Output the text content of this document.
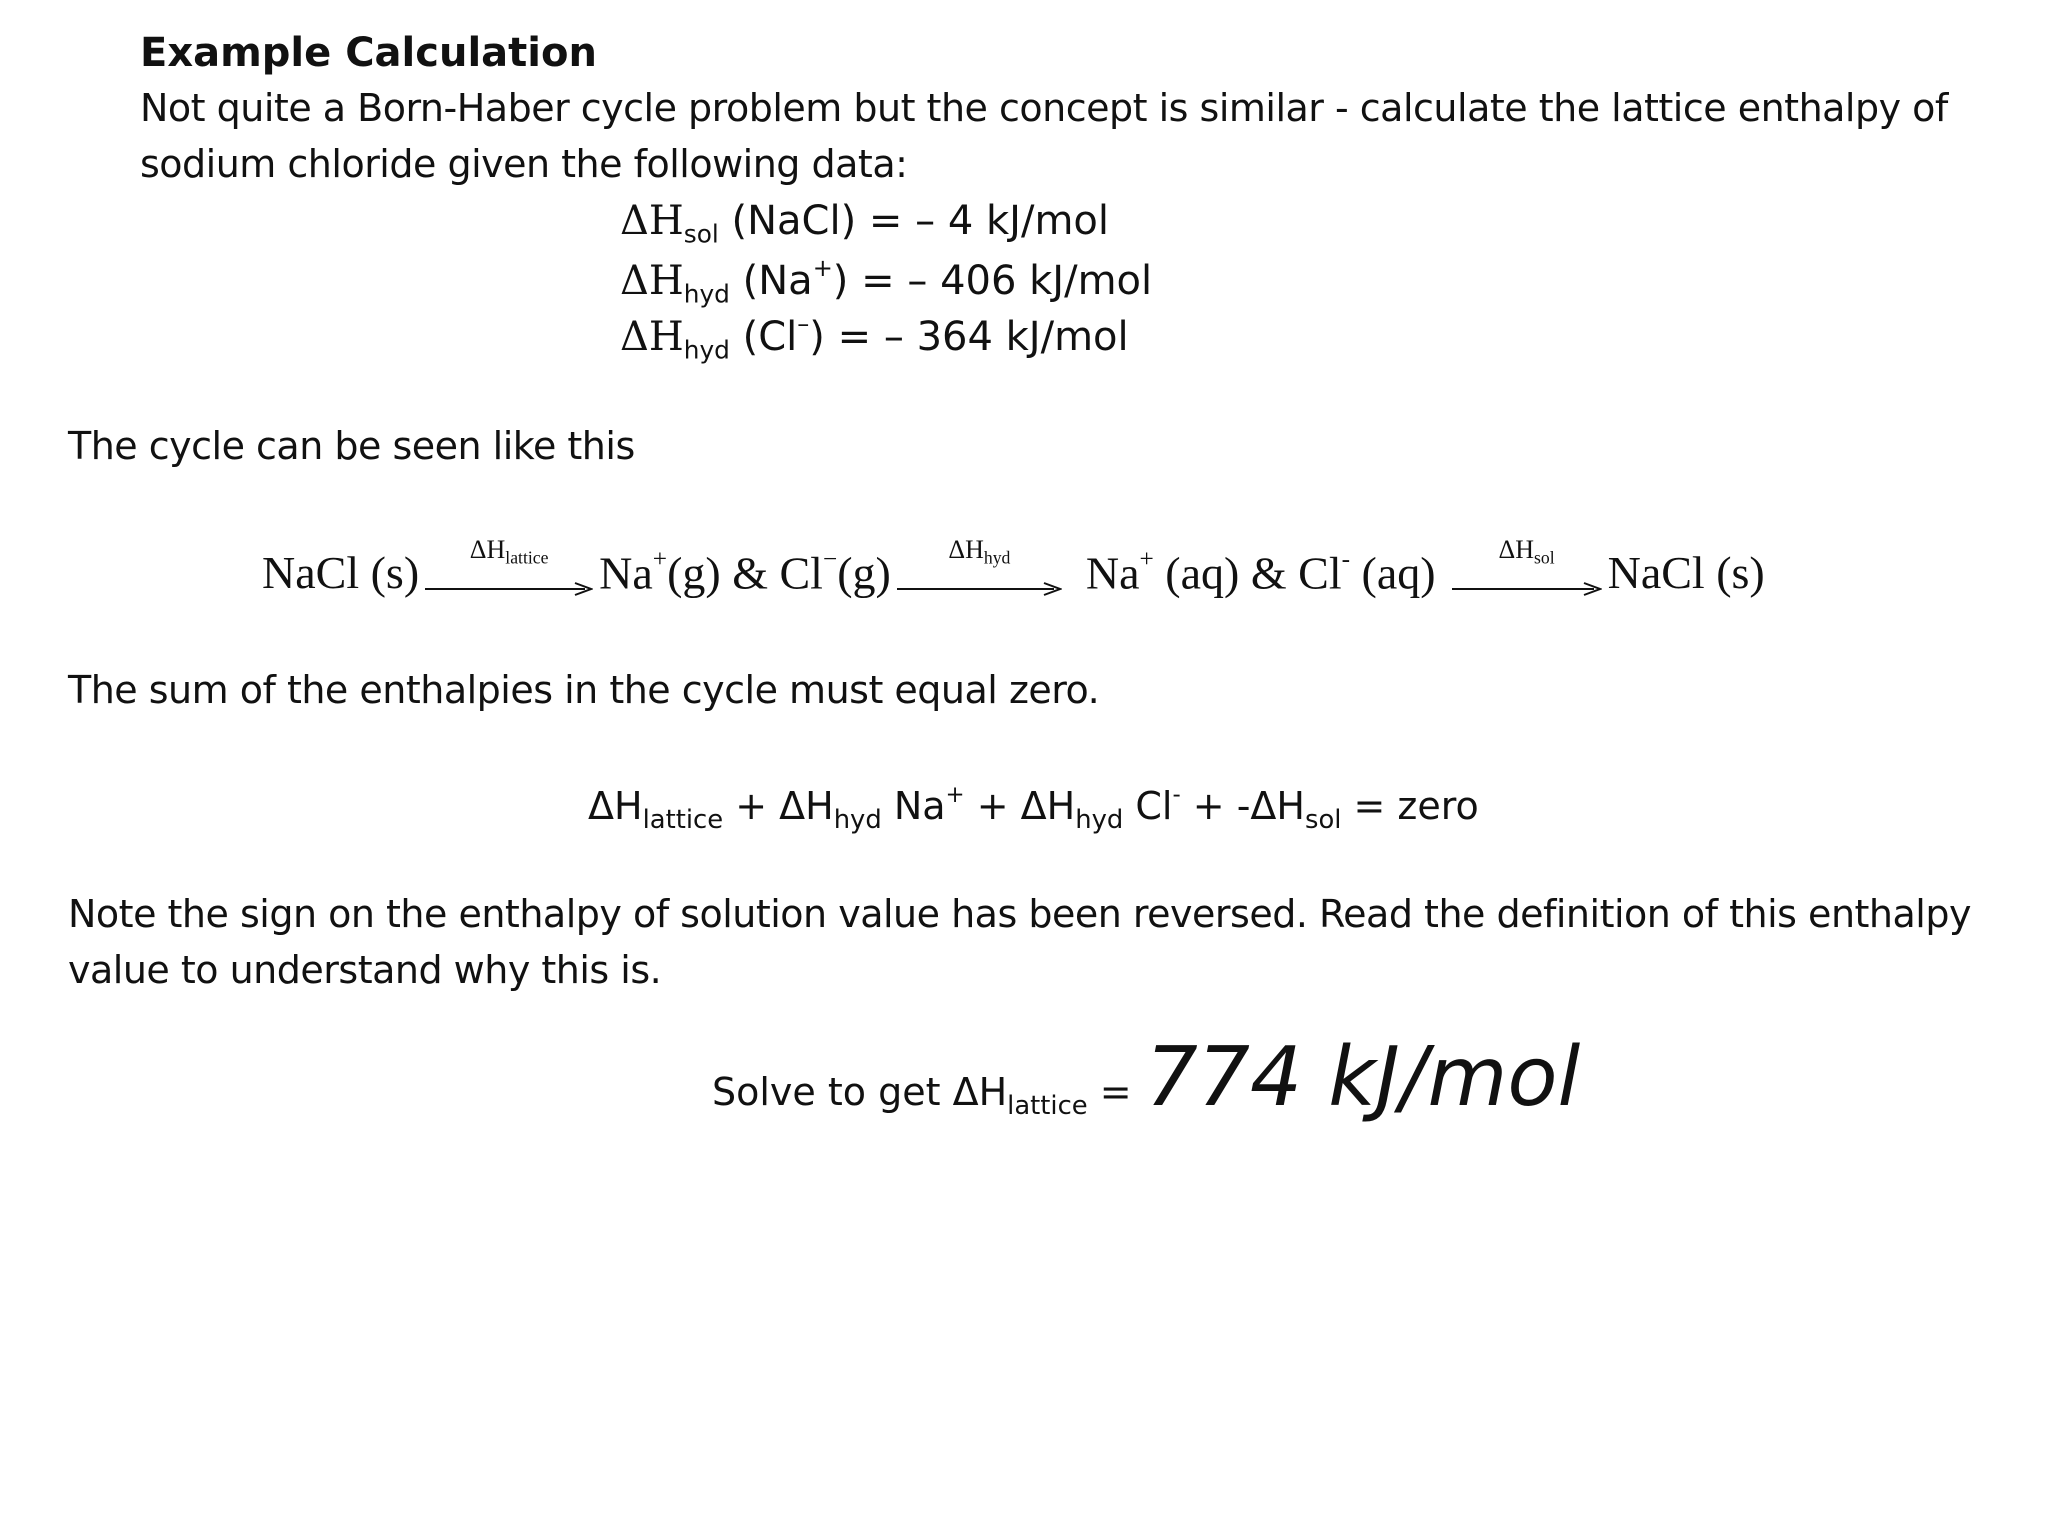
Example Calculation
Not quite a Born-Haber cycle problem but the concept is similar - calculate the lattice enthalpy of
sodium chloride given the following data:
$\Delta H_{sol}$ (NaCl) = – 4 kJ/mol
$\Delta H_{hyd}$ (Na+) = – 406 kJ/mol
$\Delta H_{hyd}$ (Cl–) = – 364 kJ/mol
The cycle can be seen like this
NaCl (s)	$\Delta H_{lattice}$	Na+(g) & Cl−(g)	$\Delta H_{hyd}$	Na+ (aq) & Cl- (aq)	$\Delta H_{sol}$	NaCl (s)
The sum of the enthalpies in the cycle must equal zero.
$\Delta H_{lattice} + \Delta H_{hyd}$ $Na^+ + \Delta H_{hyd}$ $Cl^- + -\Delta H_{sol}$ = zero
Note the sign on the enthalpy of solution value has been reversed. Read the definition of this enthalpy
value to understand why this is.
Solve to get $\Delta H_{lattice} = 774$ kJ/mol
